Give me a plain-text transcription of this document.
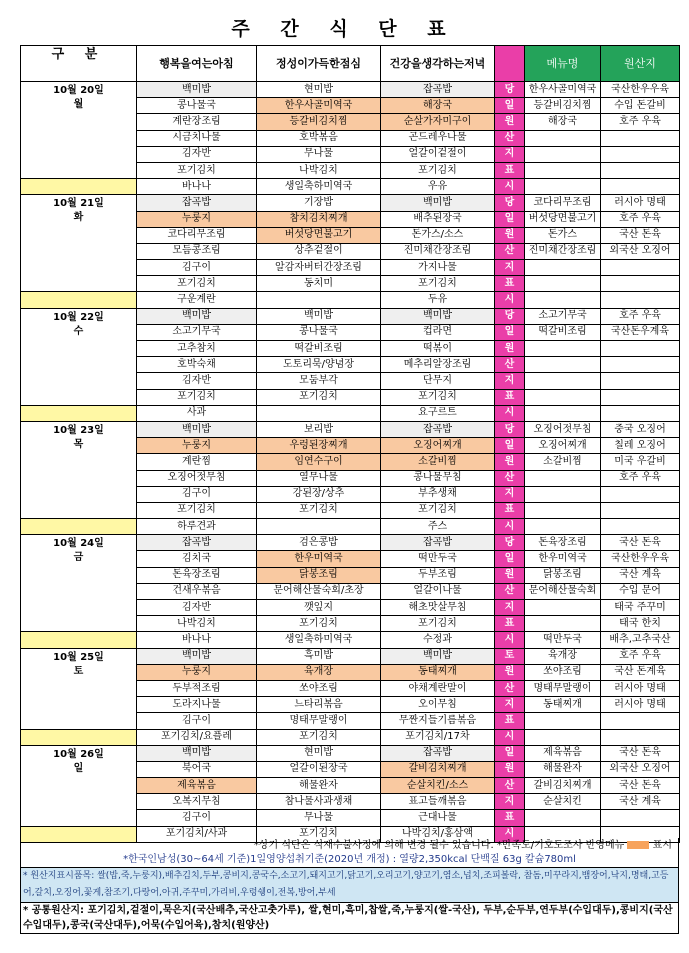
주 간 식 단 표
구 분	행복을여는아침	정성이가득한점심	건강을생각하는저녁		메뉴명	원산지

10월 20일
월	백미밥	현미밥	잡곡밥	당	한우사골미역국	국산한우우육
	콩나물국	한우사골미역국	해장국	일	등갈비김치찜	수입 돈갈비
	계란장조림	등갈비김치찜	순살가자미구이	원	해장국	호주 우육
	시금치나물	호박볶음	곤드레우나물	산		
	김자반	무나물	얼갈이겉절이	지		
	포기김치	나박김치	포기김치	표		
	바나나	생일축하미역국	우유	시		

10월 21일
화	잡곡밥	기장밥	백미밥	당	코다리무조림	러시아 명태
	누룽지	참치김치찌개	배추된장국	일	버섯당면불고기	호주 우육
	코다리무조림	버섯당면불고기	돈가스/소스	원	돈가스	국산 돈육
	모듬콩조림	상추겉절이	진미채간장조림	산	진미채간장조림	외국산 오징어
	김구이	알감자버터간장조림	가지나물	지		
	포기김치	동치미	포기김치	표		
	구운계란		두유	시		

10월 22일
수	백미밥	백미밥	백미밥	당	소고기무국	호주 우육
	소고기무국	콩나물국	컵라면	일	떡갈비조림	국산돈우계육
	고추참치	떡갈비조림	떡볶이	원		
	호박숙채	도토리묵/양념장	메추리알장조림	산		
	김자반	모둠부각	단무지	지		
	포기김치	포기김치	포기김치	표		
	사과		요구르트	시		

10월 23일
목	백미밥	보리밥	잡곡밥	당	오징어젓무침	중국 오징어
	누룽지	우렁된장찌개	오징어찌개	일	오징어찌개	칠레 오징어
	계란찜	임연수구이	소갈비찜	원	소갈비찜	미국 우갈비
	오징어젓무침	열무나물	콩나물무침	산		호주 우육
	김구이	강된장/상추	부추생채	지		
	포기김치	포기김치	포기김치	표		
	하루견과		주스	시		

10월 24일
금	잡곡밥	검은콩밥	잡곡밥	당	돈육장조림	국산 돈육
	김치국	한우미역국	떡만두국	일	한우미역국	국산한우우육
	돈육장조림	닭봉조림	두부조림	원	닭봉조림	국산 계육
	건새우볶음	문어해산물숙회/초장	얼갈이나물	산	문어해산물숙회	수입 문어
	김자반	깻잎지	해초맛살무침	지		태국 주꾸미
	나박김치	포기김치	포기김치	표		태국 한치
	바나나	생일축하미역국	수정과	시	떡만두국	배추,고추국산

10월 25일
토	백미밥	흑미밥	백미밥	토	육개장	호주 우육
	누룽지	육개장	동태찌개	원	쏘야조림	국산 돈계육
	두부적조림	쏘야조림	야채계란말이	산	명태무말랭이	러시아 명태
	도라지나물	느타리볶음	오이무침	지	동태찌개	러시아 명태
	김구이	명태무말랭이	무짠지들기름볶음	표		
	포기김치/요플레	포기김치	포기김치/17차	시		

10월 26일
일	백미밥	현미밥	잡곡밥	일	제육볶음	국산 돈육
	북어국	얼갈이된장국	갈비김치찌개	원	해물완자	외국산 오징어
	제육볶음	해물완자	순살치킨/소스	산	갈비김치찌개	국산 돈육
	오복지무침	참나물사과생채	표고들깨볶음	지	순살치킨	국산 계육
	김구이	무나물	근대나물	표		
	포기김치/사과	포기김치	나박김치/홍삼액	시		
*상기 식단은 식재수불사정에 의해 변경 될수 있습니다. *만족도/기호도조사 반영메뉴	표시
*한국인남성(30~64세 기준)1일영양섭취기준(2020년 개정) : 열량2,350kcal 단백질 63g 칼슘780ml
* 원산지표시품목: 쌀(밥,죽,누룽지),배추김치,두부,콩비지,콩국수,소고기,돼지고기,닭고기,오리고기,양고기,염소,넙치,조피볼락, 참돔,미꾸라지,뱀장어,낙지,명태,고등어,갈치,오징어,꽃게,참조기,다랑어,아귀,주꾸미,가리비,우렁쉥이,전복,방어,부세
* 공통원산지: 포기김치,겉절이,묵은지(국산배추,국산고춧가루), 쌀,현미,흑미,찹쌀,죽,누룽지(쌀-국산), 두부,순두부,연두부(수입대두),콩비지(국산수입대두),콩국(국산대두),어묵(수입어육),참치(원양산)
